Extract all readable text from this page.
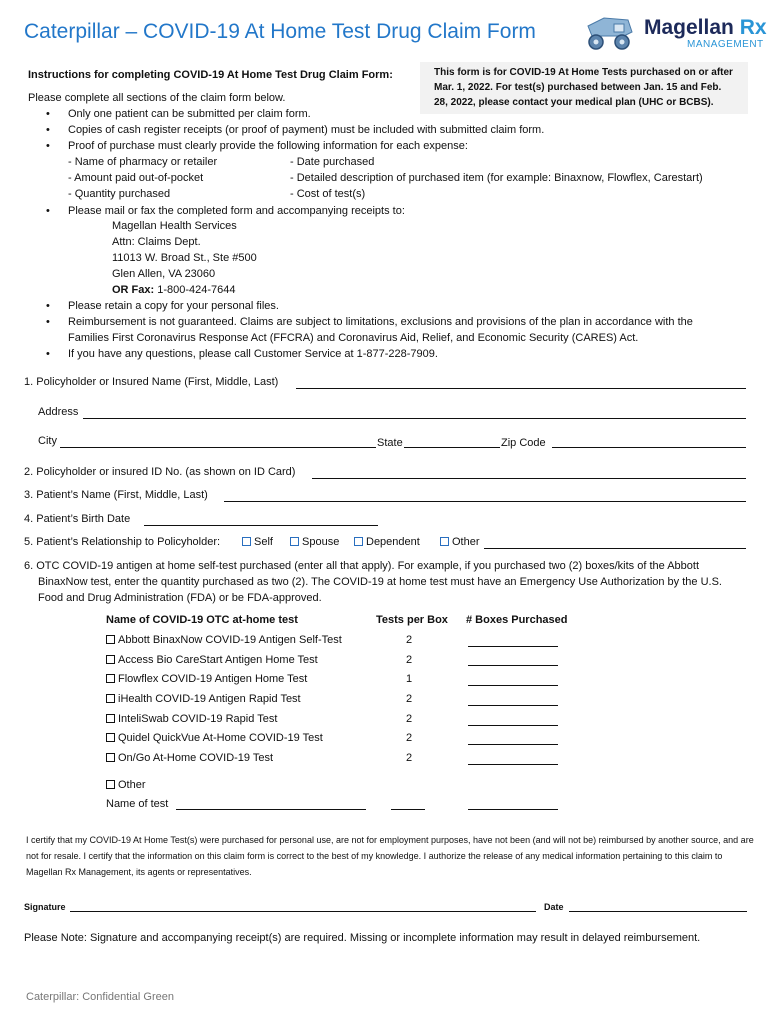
Caterpillar – COVID-19 At Home Test Drug Claim Form	Magellan Rx
MANAGEMENT
This form is for COVID-19 At Home Tests purchased on or after
Mar. 1, 2022. For test(s) purchased between Jan. 15 and Feb.
28, 2022, please contact your medical plan (UHC or BCBS).
Instructions for completing COVID-19 At Home Test Drug Claim Form:
Please complete all sections of the claim form below.
• Only one patient can be submitted per claim form.
• Copies of cash register receipts (or proof of payment) must be included with submitted claim form.
• Proof of purchase must clearly provide the following information for each expense:
- Name of pharmacy or retailer	- Date purchased
- Amount paid out-of-pocket	- Detailed description of purchased item (for example: Binaxnow, Flowflex, Carestart)
- Quantity purchased	- Cost of test(s)
• Please mail or fax the completed form and accompanying receipts to:
Magellan Health Services
Attn: Claims Dept.
11013 W. Broad St., Ste #500
Glen Allen, VA 23060
OR Fax: 1-800-424-7644
• Please retain a copy for your personal files.
• Reimbursement is not guaranteed. Claims are subject to limitations, exclusions and provisions of the plan in accordance with the
Families First Coronavirus Response Act (FFCRA) and Coronavirus Aid, Relief, and Economic Security (CARES) Act.
• If you have any questions, please call Customer Service at 1-877-228-7909.
1. Policyholder or Insured Name (First, Middle, Last)
Address
City	State	Zip Code
2. Policyholder or insured ID No. (as shown on ID Card)
3. Patient’s Name (First, Middle, Last)
4. Patient’s Birth Date
5. Patient’s Relationship to Policyholder:	Self	Spouse	Dependent	Other
6. OTC COVID-19 antigen at home self-test purchased (enter all that apply). For example, if you purchased two (2) boxes/kits of the Abbott
BinaxNow test, enter the quantity purchased as two (2). The COVID-19 at home test must have an Emergency Use Authorization by the U.S.
Food and Drug Administration (FDA) or be FDA-approved.
Name of COVID-19 OTC at-home test	Tests per Box # Boxes Purchased
Abbott BinaxNow COVID-19 Antigen Self-Test	2
Access Bio CareStart Antigen Home Test	2
Flowflex COVID-19 Antigen Home Test	1
iHealth COVID-19 Antigen Rapid Test	2
InteliSwab COVID-19 Rapid Test	2
Quidel QuickVue At-Home COVID-19 Test	2
On/Go At-Home COVID-19 Test	2
Other
Name of test
I certify that my COVID-19 At Home Test(s) were purchased for personal use, are not for employment purposes, have not been (and will not be) reimbursed by another source, and are not for resale. I certify that the information on this claim form is correct to the best of my knowledge. I authorize the release of any medical information pertaining to this claim to Magellan Rx Management, its agents or representatives.
Signature	Date
Please Note: Signature and accompanying receipt(s) are required. Missing or incomplete information may result in delayed reimbursement.
Caterpillar: Confidential Green
